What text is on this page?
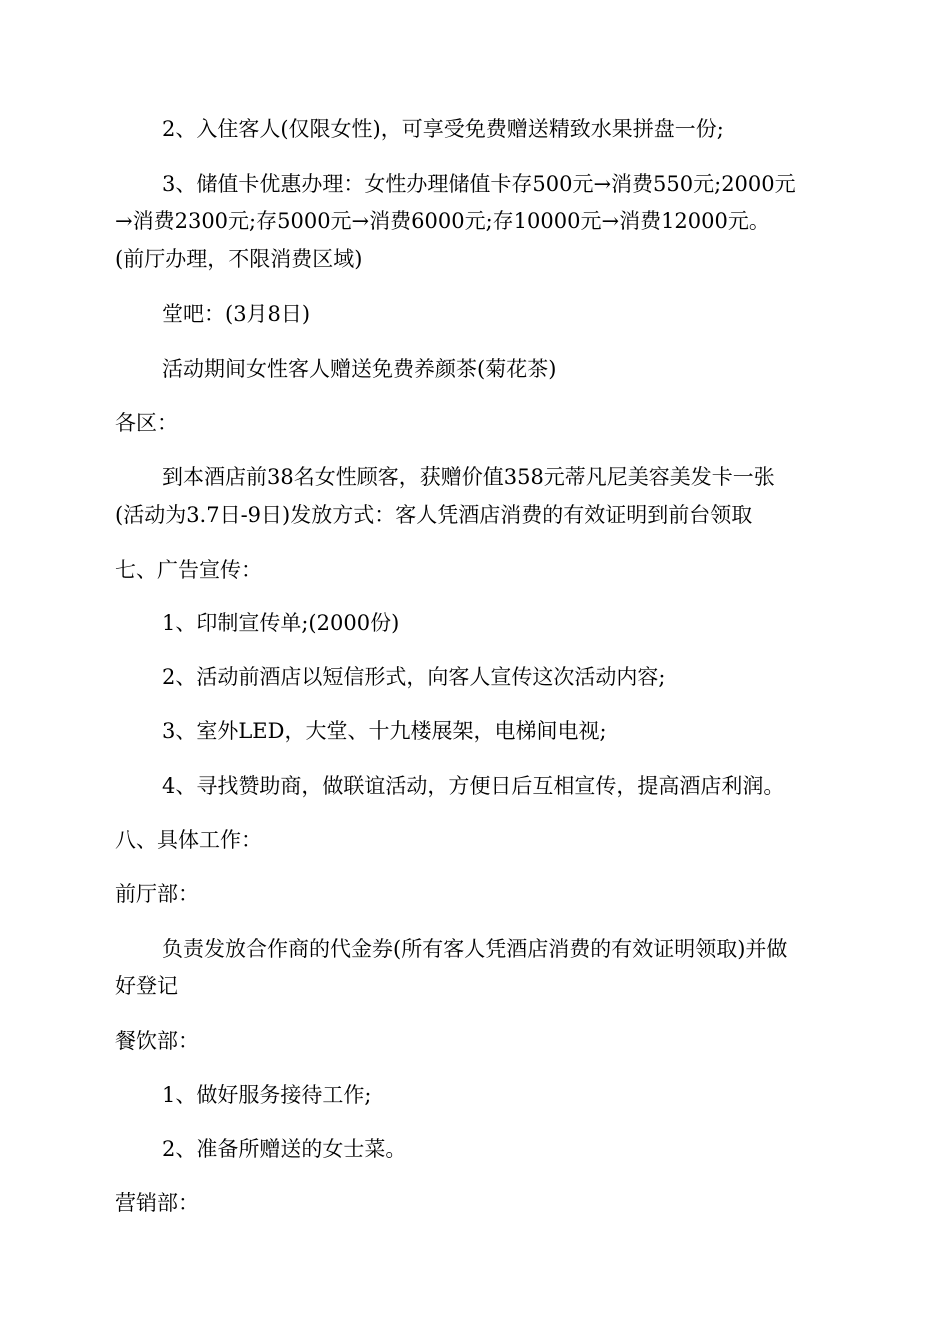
2、入住客人(仅限女性)，可享受免费赠送精致水果拼盘一份;
3、储值卡优惠办理：女性办理储值卡存500元→消费550元;2000元
→消费2300元;存5000元→消费6000元;存10000元→消费12000元。
(前厅办理，不限消费区域)
堂吧：(3月8日)
活动期间女性客人赠送免费养颜茶(菊花茶)
各区：
到本酒店前38名女性顾客，获赠价值358元蒂凡尼美容美发卡一张
(活动为3.7日-9日)发放方式：客人凭酒店消费的有效证明到前台领取
七、广告宣传：
1、印制宣传单;(2000份)
2、活动前酒店以短信形式，向客人宣传这次活动内容;
3、室外LED，大堂、十九楼展架，电梯间电视;
4、寻找赞助商，做联谊活动，方便日后互相宣传，提高酒店利润。
八、具体工作：
前厅部：
负责发放合作商的代金券(所有客人凭酒店消费的有效证明领取)并做
好登记
餐饮部：
1、做好服务接待工作;
2、准备所赠送的女士菜。
营销部：
